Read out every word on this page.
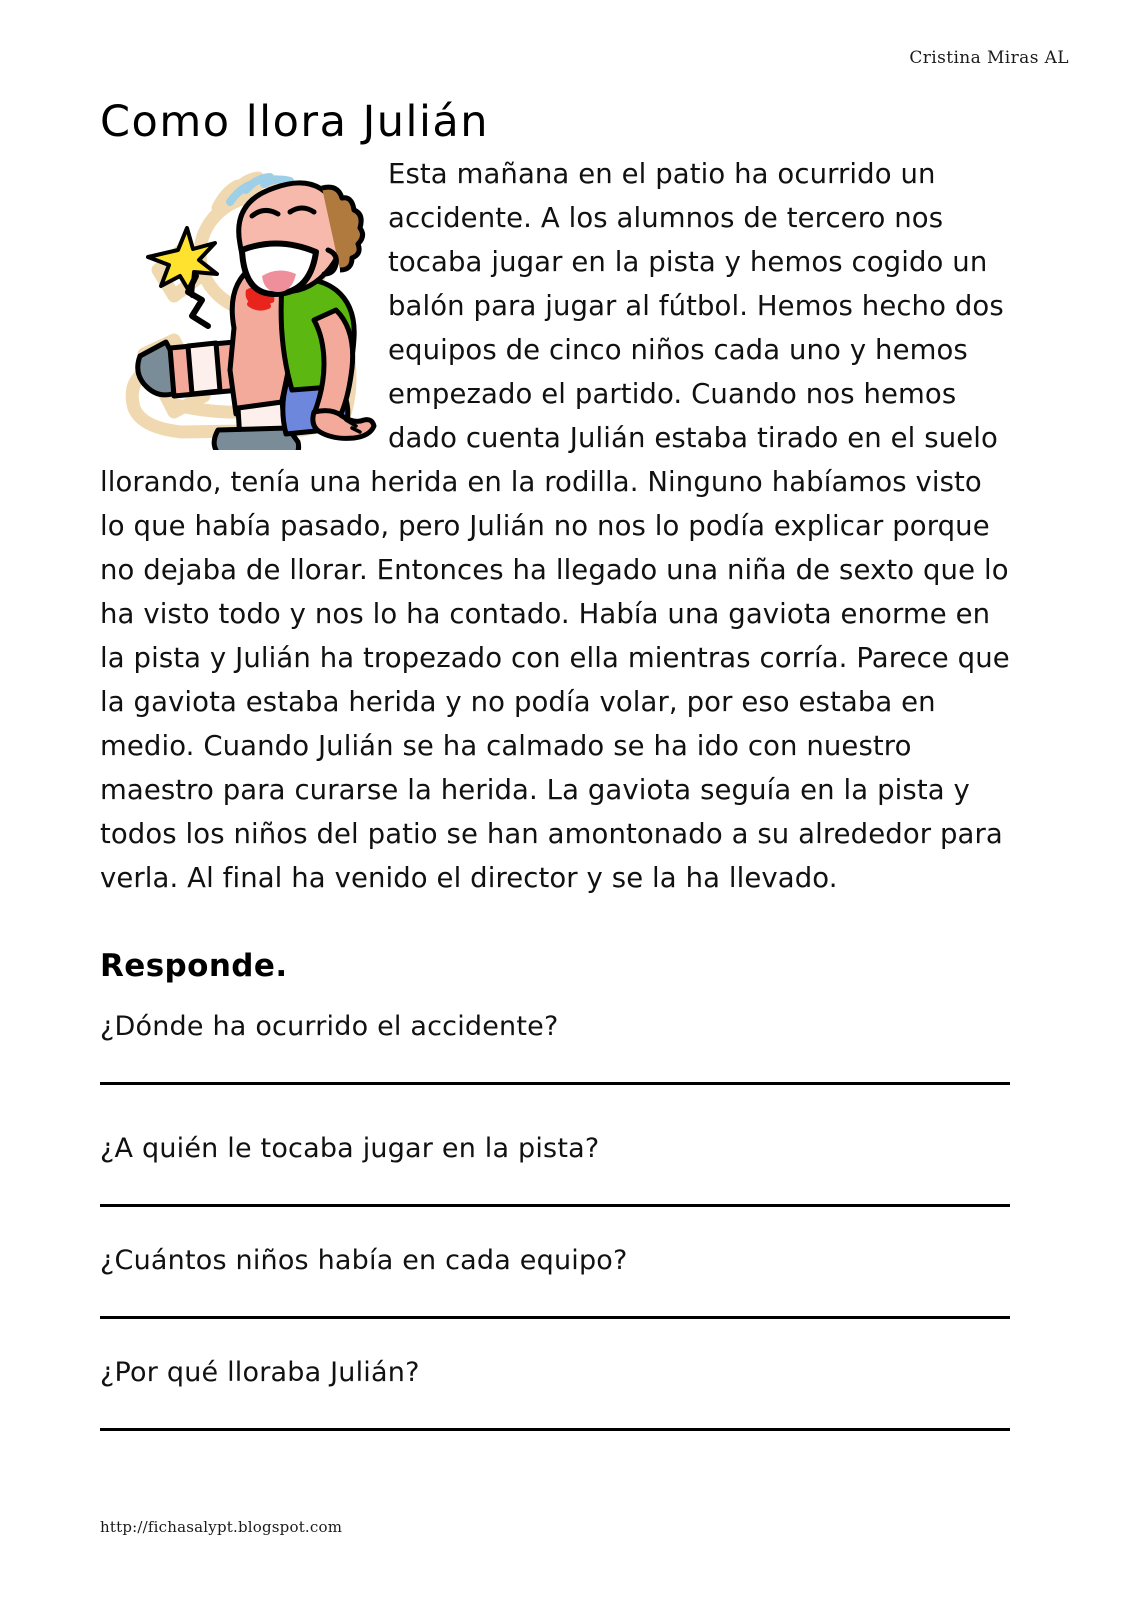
Cristina Miras AL
Como llora Julián
Esta mañana en el patio ha ocurrido un accidente. A los alumnos de tercero nos tocaba jugar en la pista y hemos cogido un balón para jugar al fútbol. Hemos hecho dos equipos de cinco niños cada uno y hemos empezado el partido. Cuando nos hemos dado cuenta Julián estaba tirado en el suelo llorando, tenía una herida en la rodilla. Ninguno habíamos visto lo que había pasado, pero Julián no nos lo podía explicar porque no dejaba de llorar. Entonces ha llegado una niña de sexto que lo ha visto todo y nos lo ha contado. Había una gaviota enorme en la pista y Julián ha tropezado con ella mientras corría. Parece que la gaviota estaba herida y no podía volar, por eso estaba en medio. Cuando Julián se ha calmado se ha ido con nuestro maestro para curarse la herida. La gaviota seguía en la pista y todos los niños del patio se han amontonado a su alrededor para verla. Al final ha venido el director y se la ha llevado.
Responde.
¿Dónde ha ocurrido el accidente?
¿A quién le tocaba jugar en la pista?
¿Cuántos niños había en cada equipo?
¿Por qué lloraba Julián?
http://fichasalypt.blogspot.com
